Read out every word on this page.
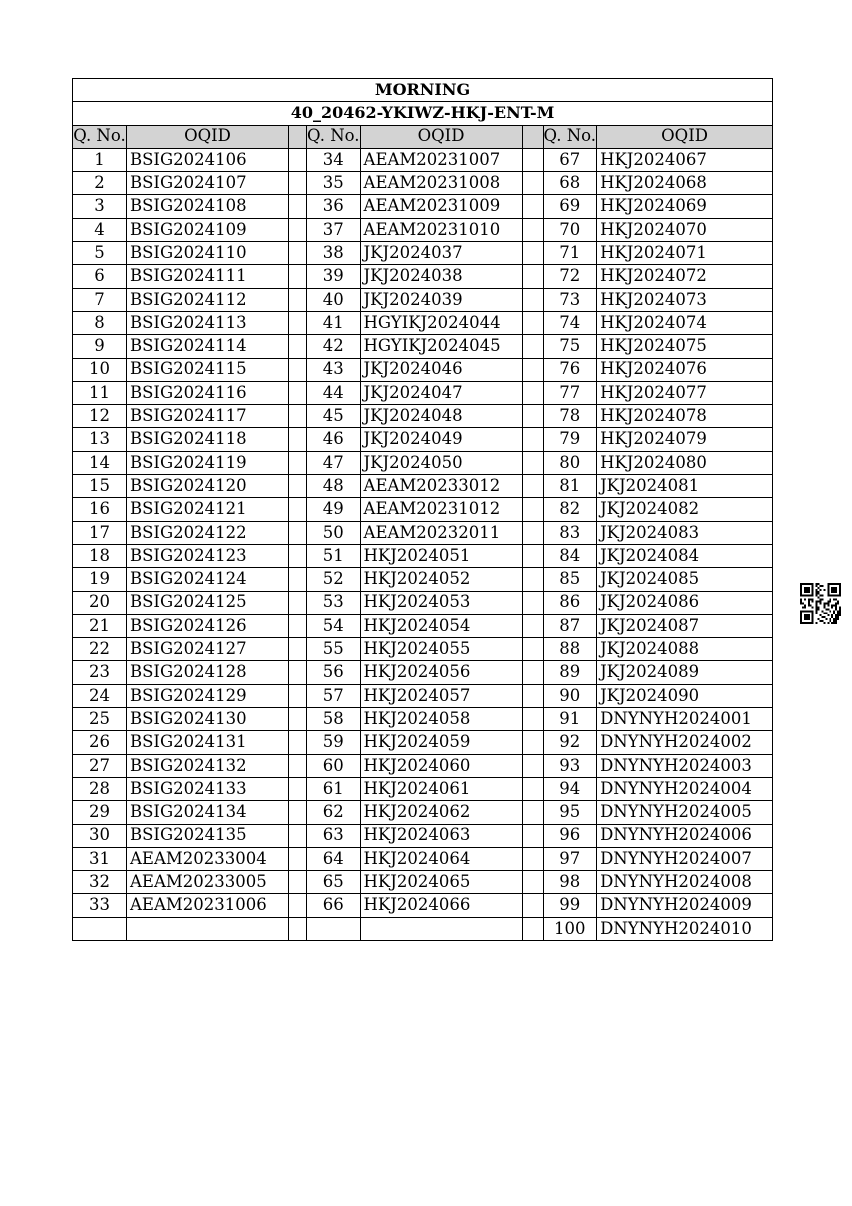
MORNING							
40_20462-YKIWZ-HKJ-ENT-M							
Q. No.	OQID		Q. No.	OQID		Q. No.	OQID
1	BSIG2024106		34	AEAM20231007		67	HKJ2024067
2	BSIG2024107		35	AEAM20231008		68	HKJ2024068
3	BSIG2024108		36	AEAM20231009		69	HKJ2024069
4	BSIG2024109		37	AEAM20231010		70	HKJ2024070
5	BSIG2024110		38	JKJ2024037		71	HKJ2024071
6	BSIG2024111		39	JKJ2024038		72	HKJ2024072
7	BSIG2024112		40	JKJ2024039		73	HKJ2024073
8	BSIG2024113		41	HGYIKJ2024044		74	HKJ2024074
9	BSIG2024114		42	HGYIKJ2024045		75	HKJ2024075
10	BSIG2024115		43	JKJ2024046		76	HKJ2024076
11	BSIG2024116		44	JKJ2024047		77	HKJ2024077
12	BSIG2024117		45	JKJ2024048		78	HKJ2024078
13	BSIG2024118		46	JKJ2024049		79	HKJ2024079
14	BSIG2024119		47	JKJ2024050		80	HKJ2024080
15	BSIG2024120		48	AEAM20233012		81	JKJ2024081
16	BSIG2024121		49	AEAM20231012		82	JKJ2024082
17	BSIG2024122		50	AEAM20232011		83	JKJ2024083
18	BSIG2024123		51	HKJ2024051		84	JKJ2024084
19	BSIG2024124		52	HKJ2024052		85	JKJ2024085
20	BSIG2024125		53	HKJ2024053		86	JKJ2024086
21	BSIG2024126		54	HKJ2024054		87	JKJ2024087
22	BSIG2024127		55	HKJ2024055		88	JKJ2024088
23	BSIG2024128		56	HKJ2024056		89	JKJ2024089
24	BSIG2024129		57	HKJ2024057		90	JKJ2024090
25	BSIG2024130		58	HKJ2024058		91	DNYNYH2024001
26	BSIG2024131		59	HKJ2024059		92	DNYNYH2024002
27	BSIG2024132		60	HKJ2024060		93	DNYNYH2024003
28	BSIG2024133		61	HKJ2024061		94	DNYNYH2024004
29	BSIG2024134		62	HKJ2024062		95	DNYNYH2024005
30	BSIG2024135		63	HKJ2024063		96	DNYNYH2024006
31	AEAM20233004		64	HKJ2024064		97	DNYNYH2024007
32	AEAM20233005		65	HKJ2024065		98	DNYNYH2024008
33	AEAM20231006		66	HKJ2024066		99	DNYNYH2024009
						100	DNYNYH2024010
